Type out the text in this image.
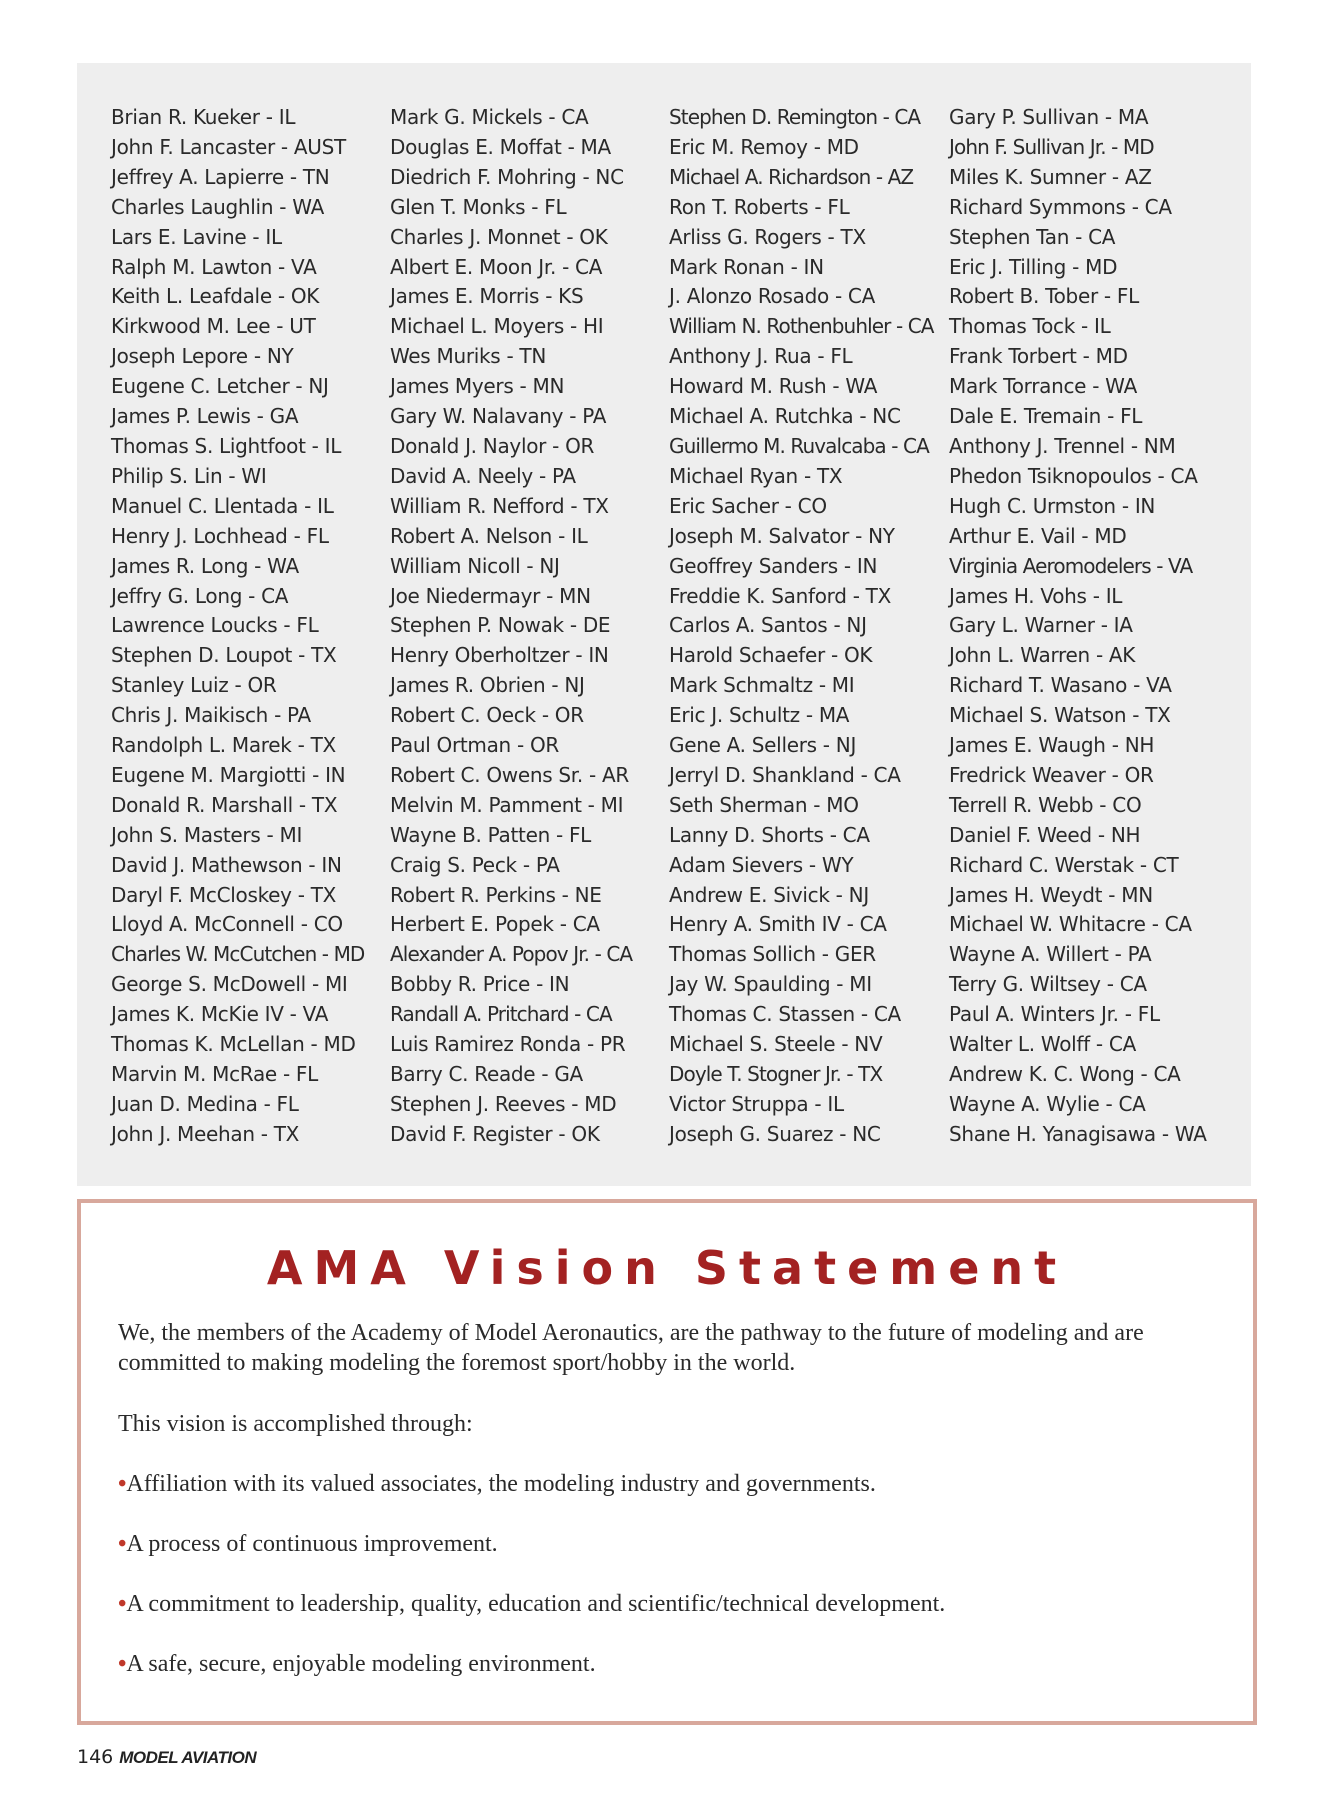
Brian R. Kueker - IL
John F. Lancaster - AUST
Jeffrey A. Lapierre - TN
Charles Laughlin - WA
Lars E. Lavine - IL
Ralph M. Lawton - VA
Keith L. Leafdale - OK
Kirkwood M. Lee - UT
Joseph Lepore - NY
Eugene C. Letcher - NJ
James P. Lewis - GA
Thomas S. Lightfoot - IL
Philip S. Lin - WI
Manuel C. Llentada - IL
Henry J. Lochhead - FL
James R. Long - WA
Jeffry G. Long - CA
Lawrence Loucks - FL
Stephen D. Loupot - TX
Stanley Luiz - OR
Chris J. Maikisch - PA
Randolph L. Marek - TX
Eugene M. Margiotti - IN
Donald R. Marshall - TX
John S. Masters - MI
David J. Mathewson - IN
Daryl F. McCloskey - TX
Lloyd A. McConnell - CO
Charles W. McCutchen - MD
George S. McDowell - MI
James K. McKie IV - VA
Thomas K. McLellan - MD
Marvin M. McRae - FL
Juan D. Medina - FL
John J. Meehan - TX
Mark G. Mickels - CA
Douglas E. Moffat - MA
Diedrich F. Mohring - NC
Glen T. Monks - FL
Charles J. Monnet - OK
Albert E. Moon Jr. - CA
James E. Morris - KS
Michael L. Moyers - HI
Wes Muriks - TN
James Myers - MN
Gary W. Nalavany - PA
Donald J. Naylor - OR
David A. Neely - PA
William R. Nefford - TX
Robert A. Nelson - IL
William Nicoll - NJ
Joe Niedermayr - MN
Stephen P. Nowak - DE
Henry Oberholtzer - IN
James R. Obrien - NJ
Robert C. Oeck - OR
Paul Ortman - OR
Robert C. Owens Sr. - AR
Melvin M. Pamment - MI
Wayne B. Patten - FL
Craig S. Peck - PA
Robert R. Perkins - NE
Herbert E. Popek - CA
Alexander A. Popov Jr. - CA
Bobby R. Price - IN
Randall A. Pritchard - CA
Luis Ramirez Ronda - PR
Barry C. Reade - GA
Stephen J. Reeves - MD
David F. Register - OK
Stephen D. Remington - CA
Eric M. Remoy - MD
Michael A. Richardson - AZ
Ron T. Roberts - FL
Arliss G. Rogers - TX
Mark Ronan - IN
J. Alonzo Rosado - CA
William N. Rothenbuhler - CA
Anthony J. Rua - FL
Howard M. Rush - WA
Michael A. Rutchka - NC
Guillermo M. Ruvalcaba - CA
Michael Ryan - TX
Eric Sacher - CO
Joseph M. Salvator - NY
Geoffrey Sanders - IN
Freddie K. Sanford - TX
Carlos A. Santos - NJ
Harold Schaefer - OK
Mark Schmaltz - MI
Eric J. Schultz - MA
Gene A. Sellers - NJ
Jerryl D. Shankland - CA
Seth Sherman - MO
Lanny D. Shorts - CA
Adam Sievers - WY
Andrew E. Sivick - NJ
Henry A. Smith IV - CA
Thomas Sollich - GER
Jay W. Spaulding - MI
Thomas C. Stassen - CA
Michael S. Steele - NV
Doyle T. Stogner Jr. - TX
Victor Struppa - IL
Joseph G. Suarez - NC
Gary P. Sullivan - MA
John F. Sullivan Jr. - MD
Miles K. Sumner - AZ
Richard Symmons - CA
Stephen Tan - CA
Eric J. Tilling - MD
Robert B. Tober - FL
Thomas Tock - IL
Frank Torbert - MD
Mark Torrance - WA
Dale E. Tremain - FL
Anthony J. Trennel - NM
Phedon Tsiknopoulos - CA
Hugh C. Urmston - IN
Arthur E. Vail - MD
Virginia Aeromodelers - VA
James H. Vohs - IL
Gary L. Warner - IA
John L. Warren - AK
Richard T. Wasano - VA
Michael S. Watson - TX
James E. Waugh - NH
Fredrick Weaver - OR
Terrell R. Webb - CO
Daniel F. Weed - NH
Richard C. Werstak - CT
James H. Weydt - MN
Michael W. Whitacre - CA
Wayne A. Willert - PA
Terry G. Wiltsey - CA
Paul A. Winters Jr. - FL
Walter L. Wolff - CA
Andrew K. C. Wong - CA
Wayne A. Wylie - CA
Shane H. Yanagisawa - WA
AMA Vision Statement

We, the members of the Academy of Model Aeronautics, are the pathway to the future of modeling and are committed to making modeling the foremost sport/hobby in the world.

This vision is accomplished through:

•Affiliation with its valued associates, the modeling industry and governments.

•A process of continuous improvement.

•A commitment to leadership, quality, education and scientific/technical development.

•A safe, secure, enjoyable modeling environment.

146 MODEL AVIATION
